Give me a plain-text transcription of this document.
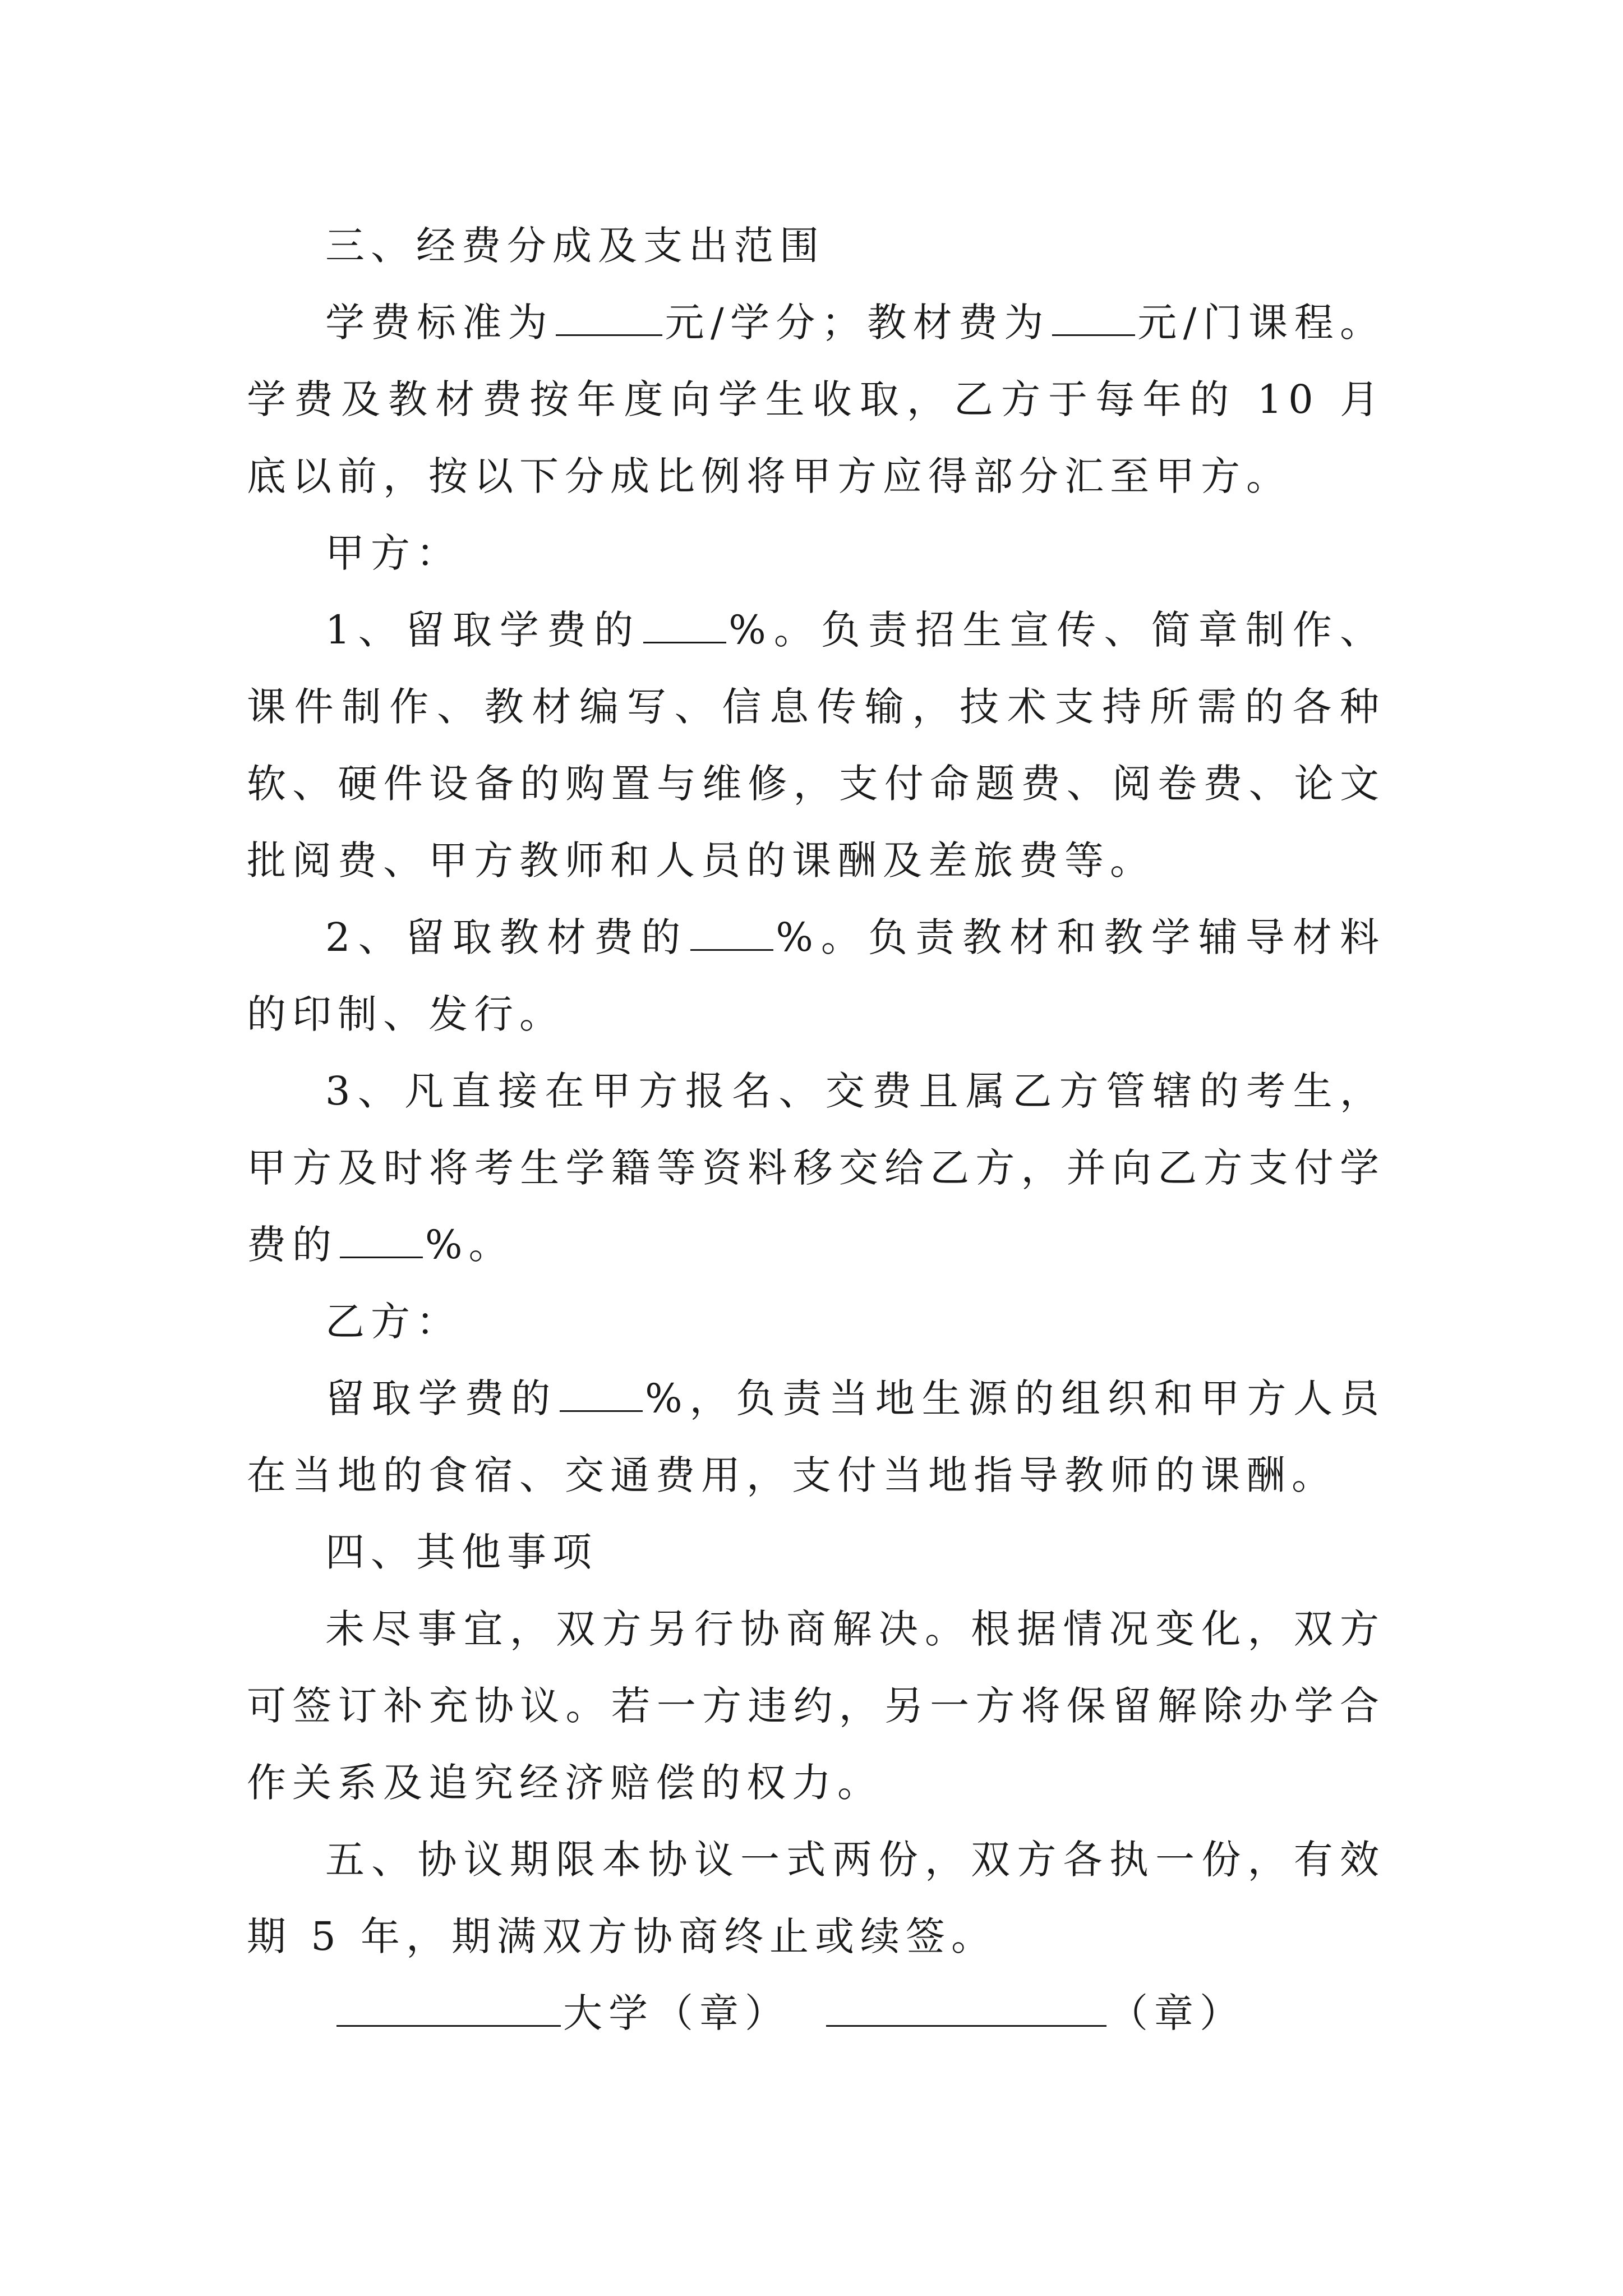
三、经费分成及支出范围

学费标准为	元/学分；教材费为 元/门课程。学费及教材费按年度向学生收取，乙方于每年的 10 月底以前，按以下分成比例将甲方应得部分汇至甲方。

甲方：

1、留取学费的 %。负责招生宣传、简章制作、课件制作、教材编写、信息传输，技术支持所需的各种软、硬件设备的购置与维修，支付命题费、阅卷费、论文批阅费、甲方教师和人员的课酬及差旅费等。

2、留取教材费的 %。负责教材和教学辅导材料的印制、发行。

3、凡直接在甲方报名、交费且属乙方管辖的考生，甲方及时将考生学籍等资料移交给乙方，并向乙方支付学费的 %。

乙方：

留取学费的 %，负责当地生源的组织和甲方人员在当地的食宿、交通费用，支付当地指导教师的课酬。

四、其他事项

未尽事宜，双方另行协商解决。根据情况变化，双方可签订补充协议。若一方违约，另一方将保留解除办学合作关系及追究经济赔偿的权力。

五、协议期限本协议一式两份，双方各执一份，有效期 5 年，期满双方协商终止或续签。

大学（章）	（章）
